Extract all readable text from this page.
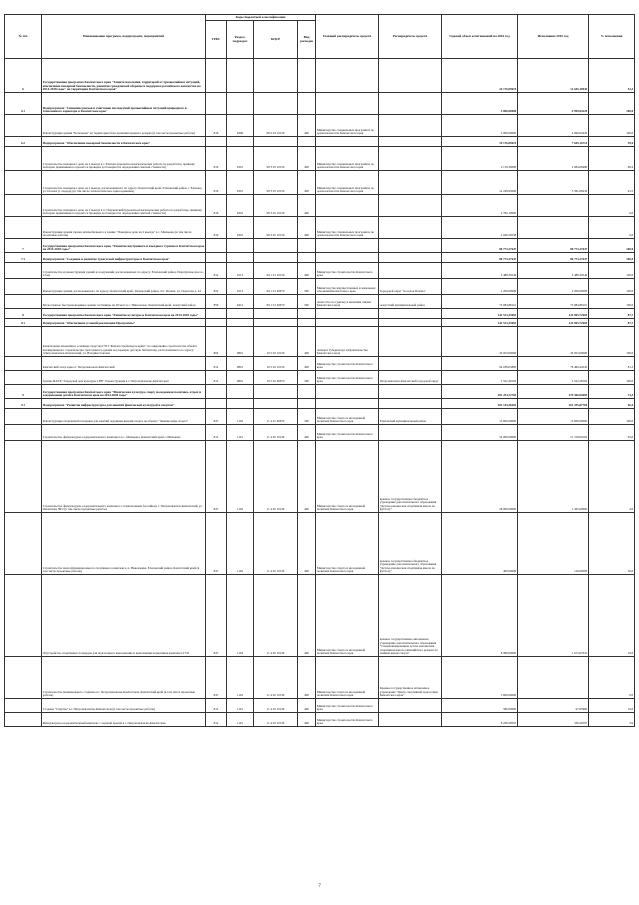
№ п/п	Наименование программ, подпрограмм, мероприятий	Коды бюджетной классификации				Главный распорядитель средств	Распорядитель средств	Годовой объем ассигнований на 2016 год	Исполнение 2016 год	% исполнения
		ГРБС	Раздел, подраздел	КЦСР	Вид расходов					
6	Государственная программа Камчатского края "Защита населения, территорий от чрезвычайных ситуаций, обеспечение пожарной безопасности, развитие гражданской обороны и поддержка российского казачества на 2014-2018 годы" на территории Камчатского края"							24 176,09619	12 645,10943	52,3
6.1	Подпрограмма "Снижение рисков и смягчение последствий чрезвычайных ситуаций природного и техногенного характера в Камчатском крае"							5 000,00000	4 999,04229	100,0
	Реконструкция здания "Котельная" на территории базы хранения краевого резерва (в том числе проектные работы)	819	0309	08 2 03 10130	400	Министерство специальных программ и по делам казачества Камчатского края		5 000,00000	4 999,04229	100,0
6.2	Подпрограмма "Обеспечение пожарной безопасности в Камчатском крае"							19 176,09619	7 645,16714	39,9
	Строительство пожарного депо на 2 выезда в г. Елизово (проектно-изыскательские работы по разработке, привязку повторно применяемого проекта и проверка достоверности определения сметной стоимости)	819	0310	08 3 05 10130	400	Министерство специальных программ и по делам казачества Камчатского края		2 118,36080	2 084,08480	98,4
	Строительство пожарного депо на 2 выезда, расположенного по адресу: Камчатский край, Елизовский район, г. Елизово, ул. Попова (1 очередь) (в том числе технологическое присоединение)	819	0310	08 3 05 10130	400	Министерство специальных программ и по делам казачества Камчатского края		12 228,95000	5 561,08234	45,5
	Строительство пожарного депо на 2 выезда в п. Озерновский (проектно-изыскательские работы по разработке, привязку повторно применяемого проекта и проверка достоверности определения сметной стоимости)	819	0310	08 3 05 10130	400			2 782,10000		0,0
	Реконструкция здания гаража автомобильного в здание "Пожарное депо на 2 выезда" в с. Мильково (в том числе проектные работы)	819	0310	08 3 05 10130	400	Министерство специальных программ и по делам казачества Камчатского края		2 046,59538		0,0
7	Государственная программа Камчатского края "Развитие внутреннего и въездного туризма в Камчатском крае на 2014-2018 годы"							80 773,27647	80 773,27647	100,0
7.1	Подпрограмма "Создание и развитие туристской инфраструктуры в Камчатском крае"							80 773,27647	80 773,27647	100,0
	Строительство и реконструкция зданий и сооружений, расположенных по адресу: Елизовский район, Паратунское шоссе, 23 км	812	0113	09 1 01 10130	400	Министерство строительства Камчатского края		5 488,39546	5 488,39546	100,0
	Реконструкция здания, расположенного по адресу: Камчатский край, Тигильский район, пгт. Палана, ул. Поротова д. 24	822	0113	09 1 01 40070	500	Министерство имущественных и земельных отношений Камчатского края	Городской округ "поселок Палана"	2 200,00000	2 200,00000	100,0
	Малоэтажное быстровозводимое здание гостиницы на 18 мест в с. Никольское, Камчатский край, Алеутский район	850	0412	09 1 01 40070	500	Агентство по туризму и внешним связям Камчатского края	Алеутский муниципальный район	73 084,88101	73 084,88101	100,0
8	Государственная программа Камчатского края "Развитие культуры в Камчатском крае на 2014-2018 годы"							142 513,33903	124 965,72665	87,7
8.1	Подпрограмма "Обеспечение условий реализации Программы"							142 513,33903	124 965,72665	87,7
	Капитальные вложения в основные средства ГУП "Камчатстройэнергосервис" на завершение строительства объекта незавершенного строительства трехэтажного здания под краевую детскую библиотеку, расположенного по адресу: г.Петропавловск-Камчатский, ул. Владивостокская	804	0801	10 5 02 10130	400	Аппарат Губернатора и Правительства Камчатского края		45 953,00000	45 953,00000	100,0
	Камчатский театр кукол г. Петропавловск-Камчатский	812	0801	10 5 02 10130	400	Министерство строительства Камчатского края		94 038,05800	76 490,44543	81,3
	Здание МАУК "Городской дом культуры СРВ". Реконструкция в г. Петропавловске-Камчатском	812	0801	10 5 02 40070	500	Министерство строительства Камчатского края	Петропавловск-Камчатский городской округ	2 522,28102	2 522,28102	100,0
9	Государственная программа Камчатского края "Физическая культура, спорт, молодежная политика, отдых и оздоровление детей в Камчатском крае на 2014-2018 годы"							381 254,72703	279 366,04683	73,3
9.1	Подпрограмма "Развитие инфраструктуры для занятий физической культурой и спортом"							303 143,56202	201 255,87784	66,4
	Реконструкция спортивной площадки для занятий ледовыми видами спорта на объекте "Зимние виды спорта"	847	1102	11 4 01 40070	500	Министерство спорта и молодежной политики Камчатского края	Елизовский муниципальный район	15 600,00000	15 600,00000	100,0
	Строительство физкультурно-оздоровительного комплекса в с. Мильково, Камчатский край, с.Мильково	812	1101	11 4 02 10130	400	Министерство строительства Камчатского края		54 000,00000	51 318,09102	95,0
	Строительство физкультурно-оздоровительного комплекса с плавательным бассейном, г. Петропавловск-Камчатский, ул. Океанская, 80/2 (в том числе проектные работы)	847	1102	11 4 02 10130	400	Министерство спорта и молодежной политики Камчатского края	краевое государственное бюджетное учреждение дополнительного образования "Детско-юношеская спортивная школа по футболу"	28 000,00000	1 365,00000	4,9
	Строительство многофункционального спортивного комплекса, п. Николаевка, Елизовский район, Камчатский край (в том числе проектные работы)	847	1102	11 4 02 10130	400	Министерство спорта и молодежной политики Камчатского края	краевое государственное бюджетное учреждение дополнительного образования "Детско-юношеская спортивная школа по футболу"	400,00000	120,00000	30,0
	Обустройство спортивных площадок для подготовки к выполнению и выполнения нормативов комплекса ГТО	847	1103	11 4 02 10130	400	Министерство спорта и молодежной политики Камчатского края	краевое государственное автономное учреждение дополнительного образования "Специализированная детско-юношеская спортивная школа олимпийского резерва по зимним видам спорта"	8 989,00000	1 672,67635	18,6
	Строительство межшкольного стадиона в г. Петропавловске-Камчатском, Камчатский край (в том числе проектные работы)	847	1102	11 4 02 10130	400	Министерство спорта и молодежной политики Камчатского края	Краевое государственное автономное учреждение "Центр спортивной подготовки Камчатского края"	3 600,00000		0,0
	Стадион "Спартак" в г. Петропавловске-Камчатском (в том числе проектные работы)	812	1101	11 4 03 10130	400	Министерство строительства Камчатского края		580,00000	97,05960	16,0
	Физкультурно-оздоровительный комплекс с ледовой ареной в г. Петропавловске-Камчатском	812	1101	11 4 03 10130	400	Министерство строительства Камчатского края		8 228,28597	330,26597	3,9
7
